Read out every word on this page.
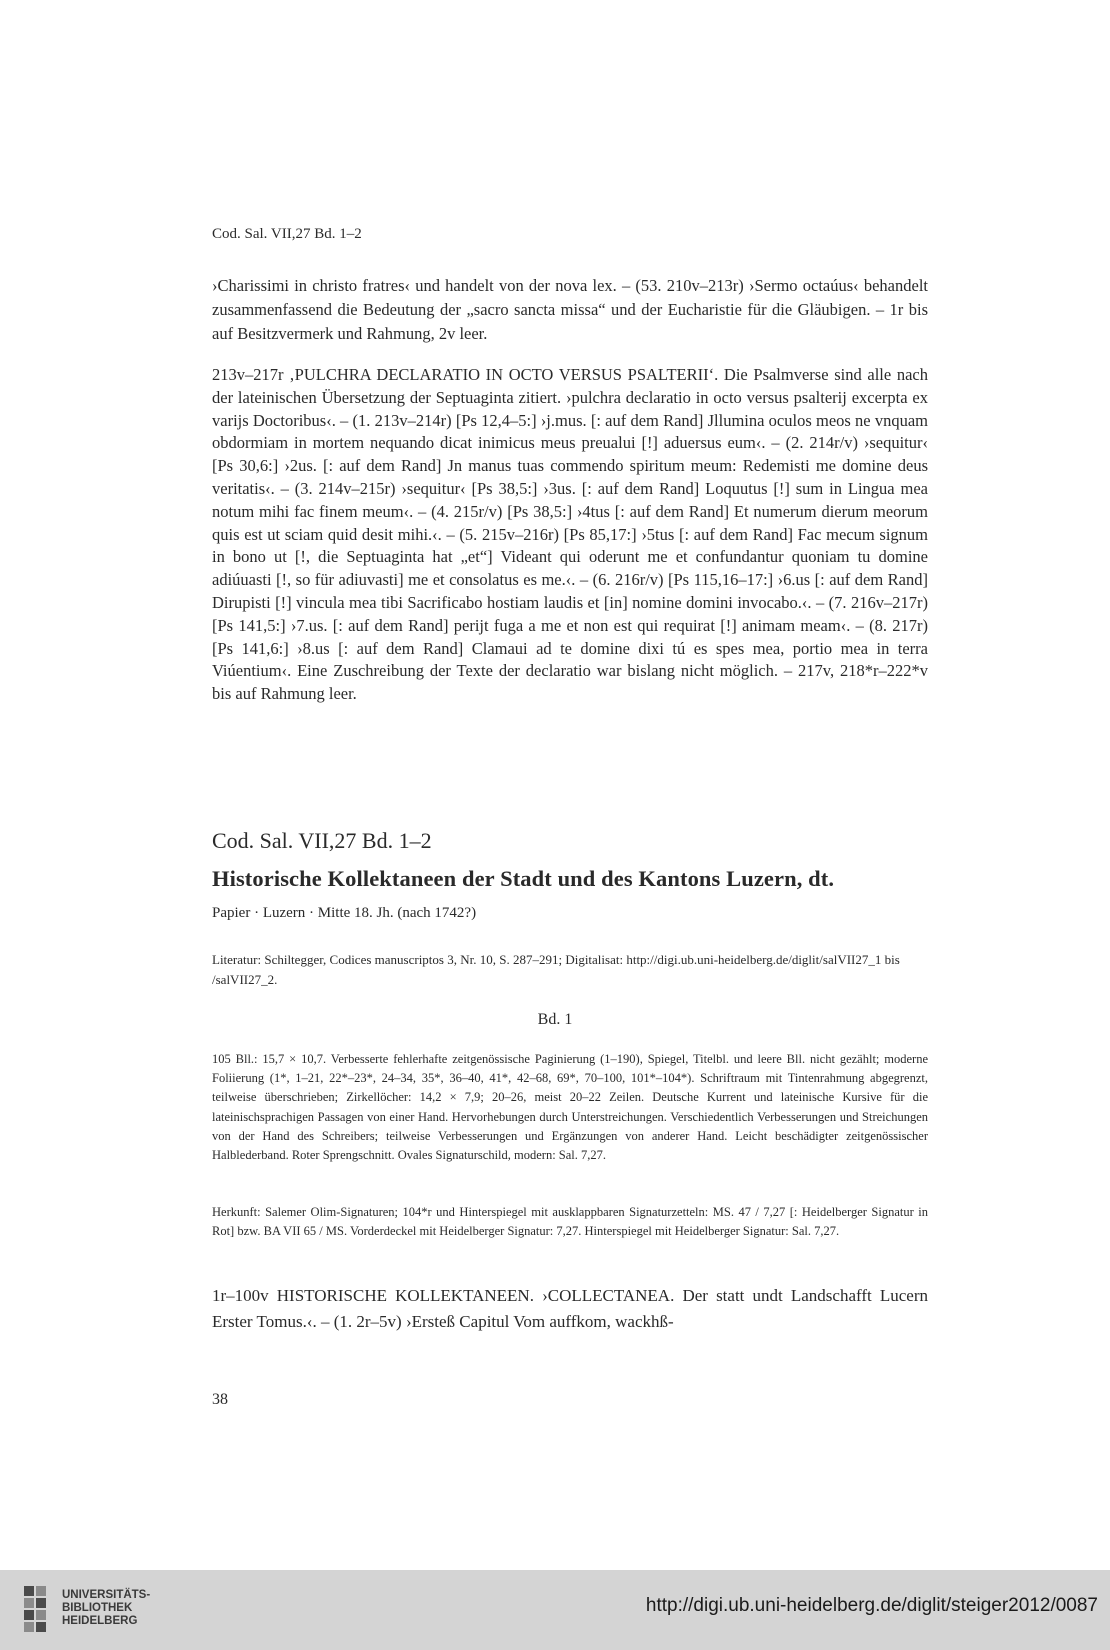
Cod. Sal. VII,27 Bd. 1–2

›Charissimi in christo fratres‹ und handelt von der nova lex. – (53. 210v–213r) ›Sermo octaúus‹ behandelt zusammenfassend die Bedeutung der „sacro sancta missa“ und der Eucharistie für die Gläubigen. – 1r bis auf Besitzvermerk und Rahmung, 2v leer.

213v–217r ‚PULCHRA DECLARATIO IN OCTO VERSUS PSALTERII‘. Die Psalmverse sind alle nach der lateinischen Übersetzung der Septuaginta zitiert. ›pulchra declaratio in octo versus psalterij excerpta ex varijs Doctoribus‹. – (1. 213v–214r) [Ps 12,4–5:] ›j.mus. [: auf dem Rand] Jllumina oculos meos ne vnquam obdormiam in mortem nequando dicat inimicus meus preualui [!] aduersus eum‹. – (2. 214r/v) ›sequitur‹ [Ps 30,6:] ›2us. [: auf dem Rand] Jn manus tuas commendo spiritum meum: Redemisti me domine deus veritatis‹. – (3. 214v–215r) ›sequitur‹ [Ps 38,5:] ›3us. [: auf dem Rand] Loquutus [!] sum in Lingua mea notum mihi fac finem meum‹. – (4. 215r/v) [Ps 38,5:] ›4tus [: auf dem Rand] Et numerum dierum meorum quis est ut sciam quid desit mihi.‹. – (5. 215v–216r) [Ps 85,17:] ›5tus [: auf dem Rand] Fac mecum signum in bono ut [!, die Septuaginta hat „et“] Videant qui oderunt me et confundantur quoniam tu domine adiúuasti [!, so für adiuvasti] me et consolatus es me.‹. – (6. 216r/v) [Ps 115,16–17:] ›6.us [: auf dem Rand] Dirupisti [!] vincula mea tibi Sacrificabo hostiam laudis et [in] nomine domini invocabo.‹. – (7. 216v–217r) [Ps 141,5:] ›7.us. [: auf dem Rand] perijt fuga a me et non est qui requirat [!] animam meam‹. – (8. 217r) [Ps 141,6:] ›8.us [: auf dem Rand] Clamaui ad te domine dixi tú es spes mea, portio mea in terra Viúentium‹. Eine Zuschreibung der Texte der declaratio war bislang nicht möglich. – 217v, 218*r–222*v bis auf Rahmung leer.

Cod. Sal. VII,27 Bd. 1–2
Historische Kollektaneen der Stadt und des Kantons Luzern, dt.
Papier · Luzern · Mitte 18. Jh. (nach 1742?)
Literatur: Schiltegger, Codices manuscriptos 3, Nr. 10, S. 287–291; Digitalisat: http://digi.ub.uni-heidelberg.de/diglit/salVII27_1 bis /salVII27_2.
Bd. 1
105 Bll.: 15,7 × 10,7. Verbesserte fehlerhafte zeitgenössische Paginierung (1–190), Spiegel, Titelbl. und leere Bll. nicht gezählt; moderne Foliierung (1*, 1–21, 22*–23*, 24–34, 35*, 36–40, 41*, 42–68, 69*, 70–100, 101*–104*). Schriftraum mit Tintenrahmung abgegrenzt, teilweise überschrieben; Zirkellöcher: 14,2 × 7,9; 20–26, meist 20–22 Zeilen. Deutsche Kurrent und lateinische Kursive für die lateinischsprachigen Passagen von einer Hand. Hervorhebungen durch Unterstreichungen. Verschiedentlich Verbesserungen und Streichungen von der Hand des Schreibers; teilweise Verbesserungen und Ergänzungen von anderer Hand. Leicht beschädigter zeitgenössischer Halblederband. Roter Sprengschnitt. Ovales Signaturschild, modern: Sal. 7,27.
Herkunft: Salemer Olim-Signaturen; 104*r und Hinterspiegel mit ausklappbaren Signaturzetteln: MS. 47 / 7,27 [: Heidelberger Signatur in Rot] bzw. BA VII 65 / MS. Vorderdeckel mit Heidelberger Signatur: 7,27. Hinterspiegel mit Heidelberger Signatur: Sal. 7,27.
1r–100v HISTORISCHE KOLLEKTANEEN. ›COLLECTANEA. Der statt undt Landschafft Lucern Erster Tomus.‹. – (1. 2r–5v) ›Ersteß Capitul Vom auffkom, wackhß-
38
UNIVERSITÄTS-
BIBLIOTHEK
HEIDELBERG
http://digi.ub.uni-heidelberg.de/diglit/steiger2012/0087
